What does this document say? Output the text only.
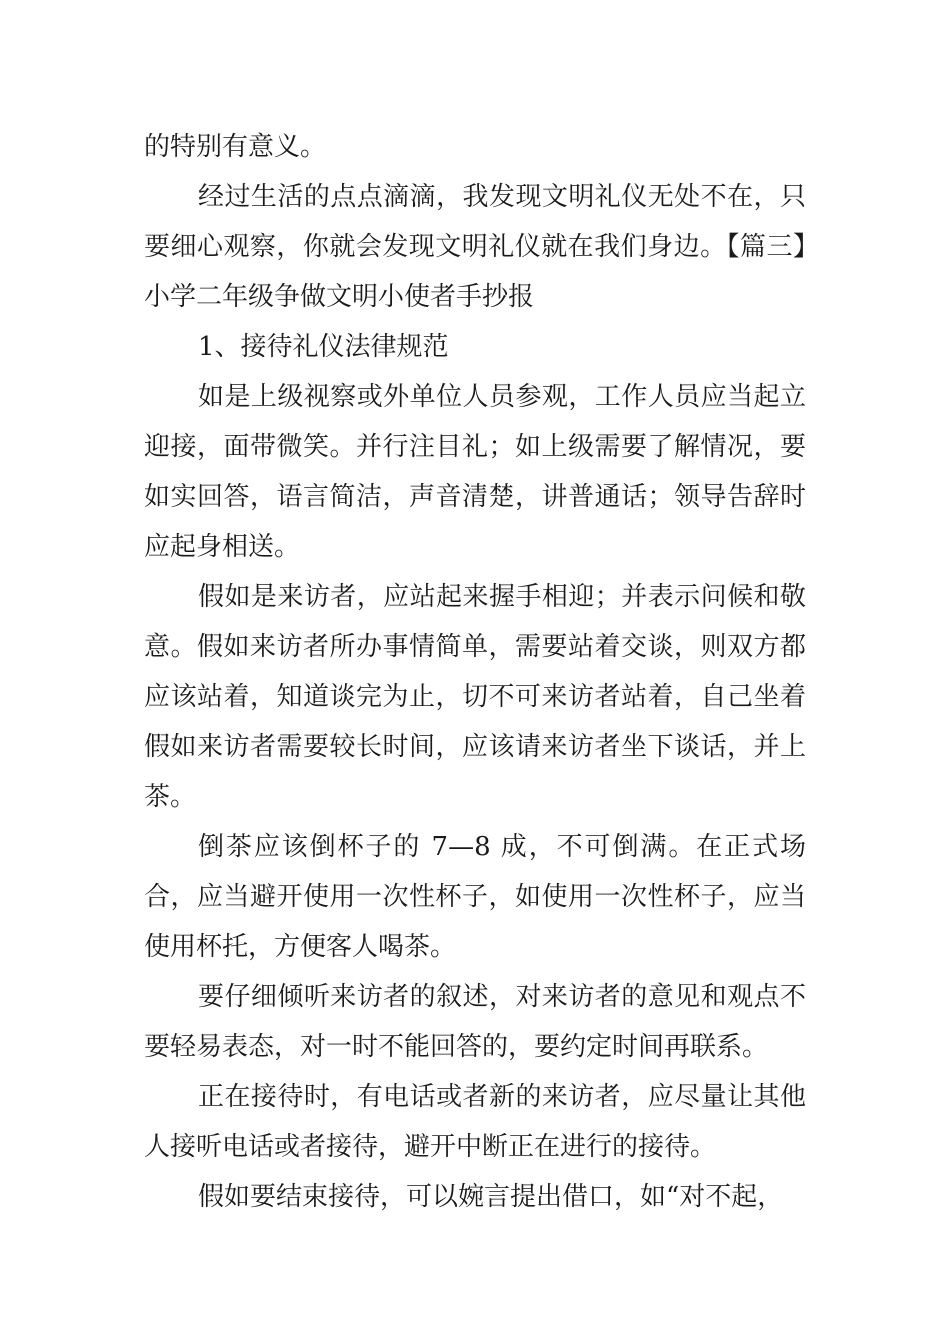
的特别有意义。

经过生活的点点滴滴，我发现文明礼仪无处不在，只要细心观察，你就会发现文明礼仪就在我们身边。【篇三】小学二年级争做文明小使者手抄报

1、接待礼仪法律规范

如是上级视察或外单位人员参观，工作人员应当起立迎接，面带微笑。并行注目礼；如上级需要了解情况，要如实回答，语言简洁，声音清楚，讲普通话；领导告辞时应起身相送。

假如是来访者，应站起来握手相迎；并表示问候和敬意。假如来访者所办事情简单，需要站着交谈，则双方都应该站着，知道谈完为止，切不可来访者站着，自己坐着假如来访者需要较长时间，应该请来访者坐下谈话，并上茶。

倒茶应该倒杯子的 7—8 成，不可倒满。在正式场合，应当避开使用一次性杯子，如使用一次性杯子，应当使用杯托，方便客人喝茶。

要仔细倾听来访者的叙述，对来访者的意见和观点不要轻易表态，对一时不能回答的，要约定时间再联系。

正在接待时，有电话或者新的来访者，应尽量让其他人接听电话或者接待，避开中断正在进行的接待。

假如要结束接待，可以婉言提出借口，如“对不起，
